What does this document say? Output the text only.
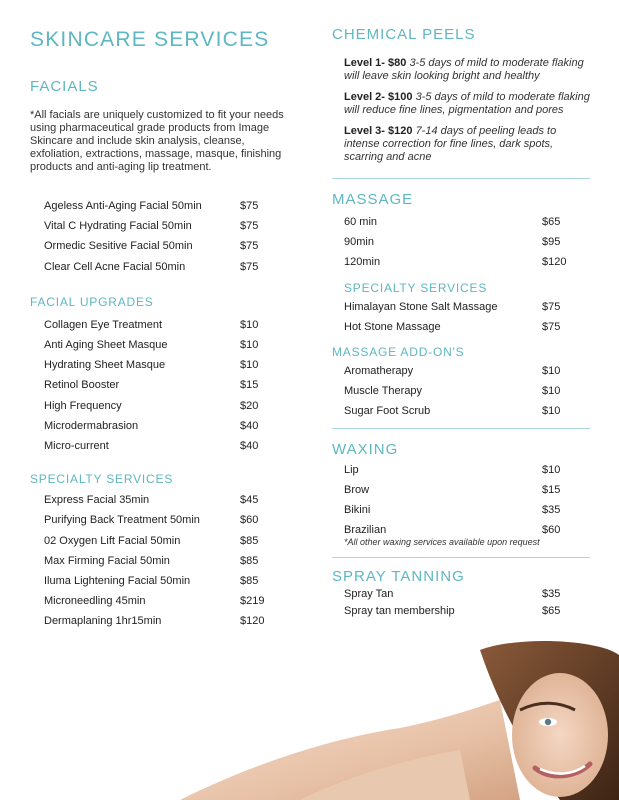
SKINCARE SERVICES
FACIALS

*All facials are uniquely customized to fit your needs using pharmaceutical grade products from Image Skincare and include skin analysis, cleanse, exfoliation, extractions, massage, masque, finishing products and anti-aging lip treatment.

Ageless Anti-Aging Facial 50min	$75
Vital C Hydrating Facial 50min	$75
Ormedic Sesitive Facial 50min	$75
Clear Cell Acne Facial 50min	$75
FACIAL UPGRADES
Collagen Eye Treatment	$10
Anti Aging Sheet Masque	$10
Hydrating Sheet Masque	$10
Retinol Booster	$15
High Frequency	$20
Microdermabrasion	$40
Micro-current	$40
SPECIALTY SERVICES
Express Facial 35min	$45
Purifying Back Treatment 50min	$60
02 Oxygen Lift Facial 50min	$85
Max Firming Facial 50min	$85
Iluma Lightening Facial 50min	$85
Microneedling 45min	$219
Dermaplaning 1hr15min	$120
CHEMICAL PEELS

Level 1- $80 3-5 days of mild to moderate flaking will leave skin looking bright and healthy

Level 2- $100 3-5 days of mild to moderate flaking will reduce fine lines, pigmentation and pores

Level 3- $120 7-14 days of peeling leads to intense correction for fine lines, dark spots, scarring and acne

MASSAGE
60 min	$65
90min	$95
120min	$120
SPECIALTY SERVICES
Himalayan Stone Salt Massage	$75
Hot Stone Massage	$75
MASSAGE ADD-ON'S
Aromatherapy	$10
Muscle Therapy	$10
Sugar Foot Scrub	$10
WAXING
Lip	$10
Brow	$15
Bikini	$35
Brazilian	$60
*All other waxing services available upon request
SPRAY TANNING
Spray Tan	$35
Spray tan membership	$65
